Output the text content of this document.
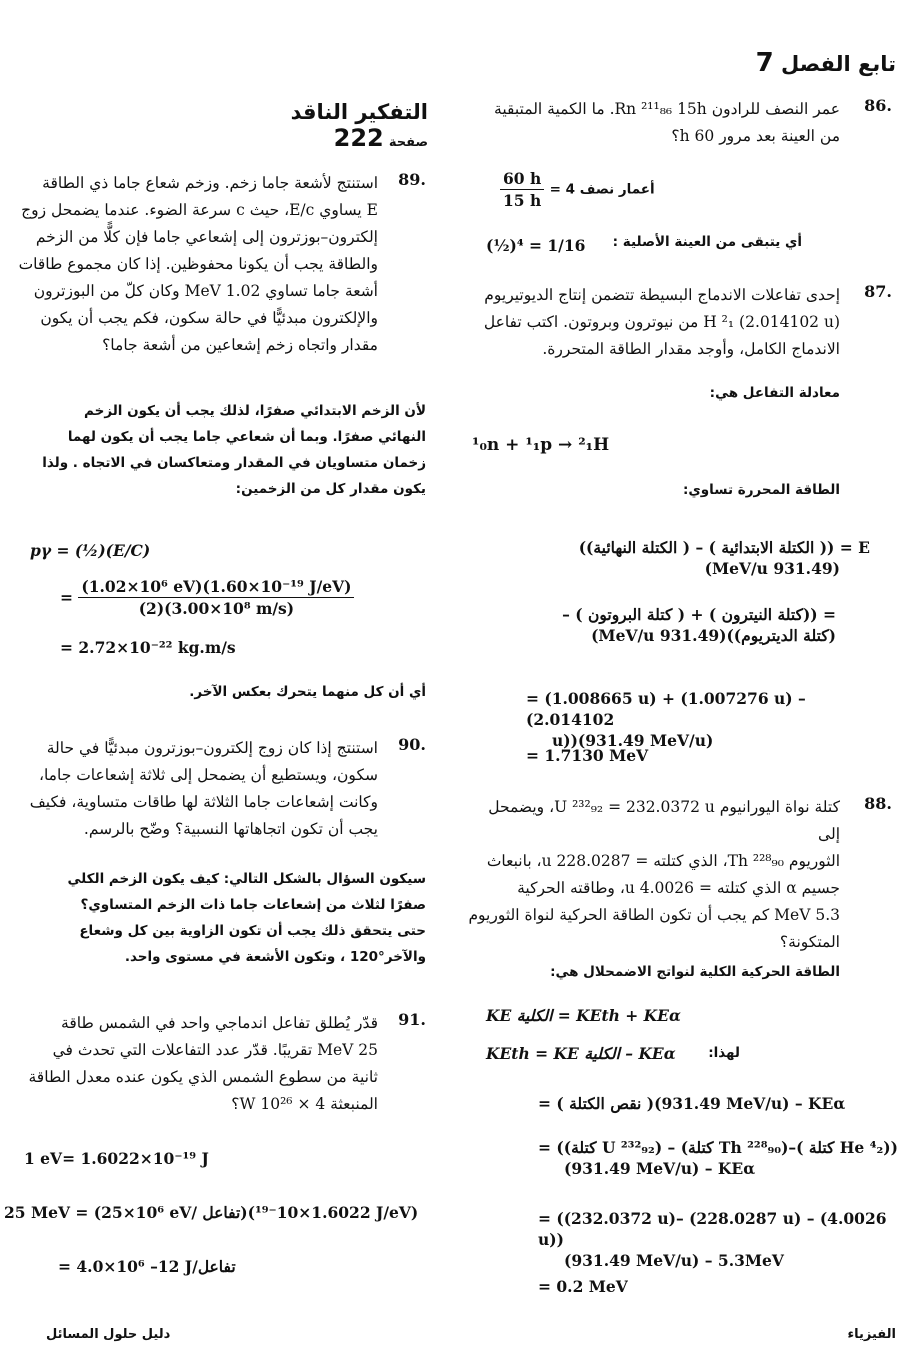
تابع الفصل 7
التفكير الناقد
صفحة 222
86.
عمر النصف للرادون Rn ²¹¹₈₆ 15h. ما الكمية المتبقية
من العينة بعد مرور 60 h؟
$\frac{60 h}{15 h} = 4$ أعمار نصف
(½)⁴ = 1/16 أي يتبقى من العينة الأصلية :
87.
إحدى تفاعلات الاندماج البسيطة تتضمن إنتاج الديوتيريوم
H ²₁ (2.014102 u) من نيوترون وبروتون. اكتب تفاعل
الاندماج الكامل، وأوجد مقدار الطاقة المتحررة.
معادلة التفاعل هي:
¹₀n + ¹₁p → ²₁H
الطاقة المحررة تساوي:
E = (( الكتلة الابتدائية ) – ( الكتلة النهائية))
(931.49 MeV/u)
= ((كتلة النيترون ) + ( كتلة البروتون ) –
(كتلة الديتريوم))(931.49 MeV/u)
= (1.008665 u) + (1.007276 u) – (2.014102
u))(931.49 MeV/u)
= 1.7130 MeV
88.
كتلة نواة اليورانيوم U ²³²₉₂ = 232.0372 u، ويضمحل إلى
الثوريوم Th ²²⁸₉₀، الذي كتلته = 228.0287 u، بانبعاث
جسيم α الذي كتلته = 4.0026 u، وطاقته الحركية
5.3 MeV كم يجب أن تكون الطاقة الحركية لنواة الثوريوم
المتكونة؟
الطاقة الحركية الكلية لنواتج الاضمحلال هي:
KE الكلية = KEth + KEα
KEth = KE الكلية – KEα لهذا:
= ( نقص الكتلة )(931.49 MeV/u) – KEα
= ((كتلة U ²³²₉₂) – (كتلة Th ²²⁸₉₀)–( كتلة He ⁴₂))
(931.49 MeV/u) – KEα
= ((232.0372 u)– (228.0287 u) – (4.0026 u))
(931.49 MeV/u) – 5.3MeV
= 0.2 MeV
89.
استنتج لأشعة جاما زخم. وزخم شعاع جاما ذي الطاقة
E يساوي E/c، حيث c سرعة الضوء. عندما يضمحل زوج
إلكترون–بوزترون إلى إشعاعي جاما فإن كلًّا من الزخم
والطاقة يجب أن يكونا محفوظين. إذا كان مجموع طاقات
أشعة جاما تساوي 1.02 MeV وكان كلّ من البوزترون
والإلكترون مبدئيًّا في حالة سكون، فكم يجب أن يكون
مقدار واتجاه زخم إشعاعين من أشعة جاما؟
لأن الزخم الابتدائي صفرًا، لذلك يجب أن يكون الزخم
النهائي صفرًا. وبما أن شعاعي جاما يجب أن يكون لهما
زخمان متساويان في المقدار ومتعاكسان في الاتجاه . ولذا
يكون مقدار كل من الزخمين:
pγ = (½)(E/C)
= $\frac{\text{(1.02×10⁶ eV)(1.60×10⁻¹⁹ J/eV)}}{\text{(2)(3.00×10⁸ m/s)}}$
= 2.72×10⁻²² kg.m/s
أي أن كل منهما يتحرك بعكس الآخر.
90.
استنتج إذا كان زوج إلكترون–بوزترون مبدئيًّا في حالة
سكون، ويستطيع أن يضمحل إلى ثلاثة إشعاعات جاما،
وكانت إشعاعات جاما الثلاثة لها طاقات متساوية، فكيف
يجب أن تكون اتجاهاتها النسبية؟ وضّح بالرسم.
سيكون السؤال بالشكل التالي: كيف يكون الزخم الكلي
صفرًا لثلاث من إشعاعات جاما ذات الزخم المتساوي؟
حتى يتحقق ذلك يجب أن تكون الزاوية بين كل وشعاع
والآخر°120 ، وتكون الأشعة في مستوى واحد.
91.
قدّر يُطلق تفاعل اندماجي واحد في الشمس طاقة
25 MeV تقريبًا. قدّر عدد التفاعلات التي تحدث في
ثانية من سطوع الشمس الذي يكون عنده معدل الطاقة
المنبعثة 4 × 10²⁶ W؟
1 eV= 1.6022×10⁻¹⁹ J
25 MeV = (25×10⁶ eV/ تفاعل)(1.6022×10⁻¹⁹ J/eV)
= 4.0×10⁶ –12 J/تفاعل
الفيزياء
دليل حلول المسائل
